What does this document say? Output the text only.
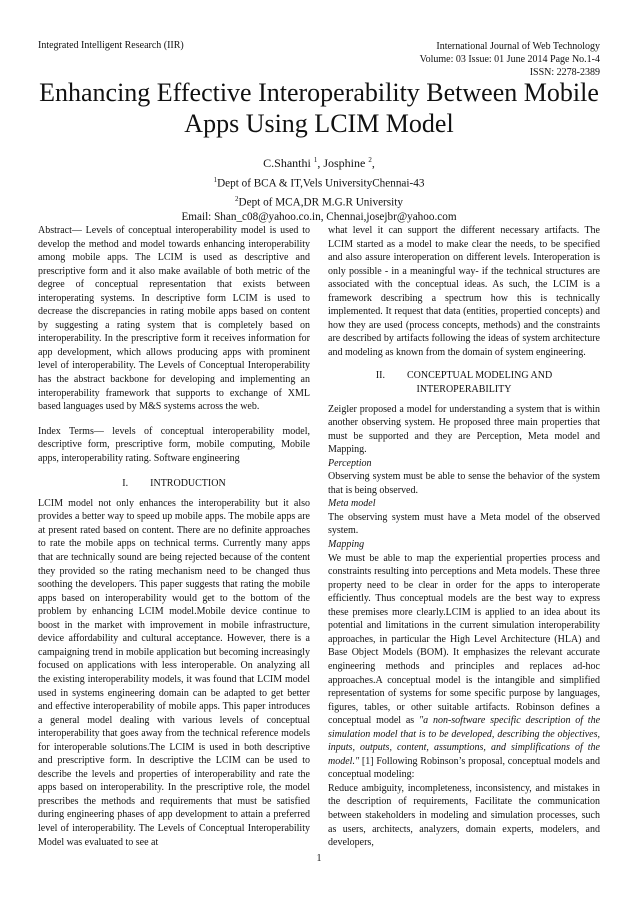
Integrated Intelligent Research (IIR)	International Journal of Web Technology
Volume: 03 Issue: 01 June 2014 Page No.1-4
ISSN: 2278-2389
Enhancing Effective Interoperability Between Mobile
Apps Using LCIM Model
C.Shanthi $^1$, Josphine $^2$,
$^1$Dept of BCA & IT,Vels UniversityChennai-43
$^2$Dept of MCA,DR M.G.R University
Email: Shan_c08@yahoo.co.in, Chennai,josejbr@yahoo.com

Abstract— Levels of conceptual interoperability model is used to develop the method and model towards enhancing interoperability among mobile apps. The LCIM is used as descriptive and prescriptive form and it also make available of both metric of the degree of conceptual representation that exists between interoperating systems. In descriptive form LCIM is used to decrease the discrepancies in rating mobile apps based on content by suggesting a rating system that is completely based on interoperability. In the prescriptive form it receives information for app development, which allows producing apps with prominent level of interoperability. The Levels of Conceptual Interoperability has the abstract backbone for developing and implementing an interoperability framework that supports to exchange of XML based languages used by M&S systems across the web.

Index Terms— levels of conceptual interoperability model, descriptive form, prescriptive form, mobile computing, Mobile apps, interoperability rating. Software engineering

I. INTRODUCTION

LCIM model not only enhances the interoperability but it also provides a better way to speed up mobile apps. The mobile apps are at present rated based on content. There are no definite approaches to rate the mobile apps on technical terms. Currently many apps that are technically sound are being rejected because of the content they provided so the rating mechanism need to be changed thus soothing the developers. This paper suggests that rating the mobile apps based on interoperability would get to the bottom of the problem by enhancing LCIM model.Mobile device continue to boost in the market with improvement in mobile infrastructure, device affordability and cultural acceptance. However, there is a campaigning trend in mobile application but becoming increasingly focused on applications with less interoperable. On analyzing all the existing interoperability models, it was found that LCIM model used in systems engineering domain can be adapted to get better and effective interoperability of mobile apps. This paper introduces a general model dealing with various levels of conceptual interoperability that goes away from the technical reference models for interoperable solutions.The LCIM is used in both descriptive and prescriptive form. In descriptive the LCIM can be used to describe the levels and properties of interoperability and rate the apps based on interoperability. In the prescriptive role, the model prescribes the methods and requirements that must be satisfied during engineering phases of app development to attain a preferred level of interoperability. The Levels of Conceptual Interoperability Model was evaluated to see at

what level it can support the different necessary artifacts. The LCIM started as a model to make clear the needs, to be specified and also assure interoperation on different levels. Interoperation is only possible - in a meaningful way- if the technical structures are associated with the conceptual ideas. As such, the LCIM is a framework describing a spectrum how this is technically implemented. It request that data (entities, propertied concepts) and how they are used (process concepts, methods) and the constraints are described by artifacts following the ideas of system architecture and modeling as known from the domain of system engineering.

II. CONCEPTUAL MODELING AND
INTEROPERABILITY

Zeigler proposed a model for understanding a system that is within another observing system. He proposed three main properties that must be supported and they are Perception, Meta model and Mapping.

Perception

Observing system must be able to sense the behavior of the system that is being observed.

Meta model

The observing system must have a Meta model of the observed system.

Mapping

We must be able to map the experiential properties process and constraints resulting into perceptions and Meta models. These three property need to be clear in order for the apps to interoperate efficiently. Thus conceptual models are the best way to express these premises more clearly.LCIM is applied to an idea about its potential and limitations in the current simulation interoperability approaches, in particular the High Level Architecture (HLA) and Base Object Models (BOM). It emphasizes the relevant accurate engineering methods and principles and replaces ad-hoc approaches.A conceptual model is the intangible and simplified representation of systems for some specific purpose by languages, figures, tables, or other suitable artifacts. Robinson defines a conceptual model as "a non-software specific description of the simulation model that is to be developed, describing the objectives, inputs, outputs, content, assumptions, and simplifications of the model." [1] Following Robinson’s proposal, conceptual models and conceptual modeling:

Reduce ambiguity, incompleteness, inconsistency, and mistakes in the description of requirements, Facilitate the communication between stakeholders in modeling and simulation processes, such as users, architects, analyzers, domain experts, modelers, and developers,

1
